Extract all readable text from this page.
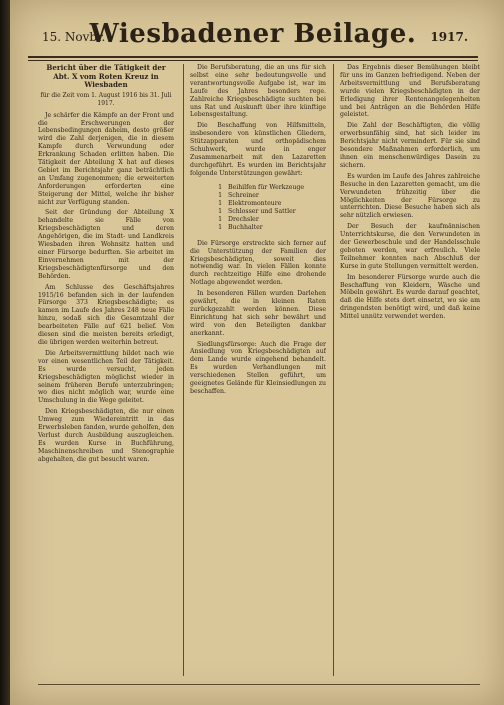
15. Novbr.
Wiesbadener Beilage.	1917.
Bericht über die Tätigkeit der Abt. X vom Roten Kreuz in Wiesbaden
für die Zeit vom 1. August 1916 bis 31. Juli 1917.

Je schärfer die Kämpfe an der Front und die Erschwerungen der Lebensbedingungen daheim, desto größer wird die Zahl derjenigen, die in diesem Kampfe durch Verwundung oder Erkrankung Schaden erlitten haben. Die Tätigkeit der Abteilung X hat auf dieses Gebiet im Berichtsjahr ganz beträchtlich an Umfang zugenommen; die erweiterten Anforderungen erforderten eine Steigerung der Mittel, welche ihr bisher nicht zur Verfügung standen.

Seit der Gründung der Abteilung X behandelte sie Fälle von Kriegsbeschädigten und deren Angehörigen, die im Stadt- und Landkreis Wiesbaden ihren Wohnsitz hatten und einer Fürsorge bedurften. Sie arbeitet im Einvernehmen mit der Kriegsbeschädigtenfürsorge und den Behörden.

Am Schlusse des Geschäftsjahres 1915/16 befanden sich in der laufenden Fürsorge 373 Kriegsbeschädigte; es kamen im Laufe des Jahres 248 neue Fälle hinzu, sodaß sich die Gesamtzahl der bearbeiteten Fälle auf 621 belief. Von diesen sind die meisten bereits erledigt, die übrigen werden weiterhin betreut.

Die Arbeitsvermittlung bildet nach wie vor einen wesentlichen Teil der Tätigkeit. Es wurde versucht, jeden Kriegsbeschädigten möglichst wieder in seinem früheren Berufe unterzubringen; wo dies nicht möglich war, wurde eine Umschulung in die Wege geleitet.

Den Kriegsbeschädigten, die nur einen Umweg zum Wiedereintritt in das Erwerbsleben fanden, wurde geholfen, den Verlust durch Ausbildung auszugleichen. Es wurden Kurse in Buchführung, Maschinenschreiben und Stenographie abgehalten, die gut besucht waren.

Die Berufsberatung, die an uns für sich selbst eine sehr bedeutungsvolle und verantwortungsvolle Aufgabe ist, war im Laufe des Jahres besonders rege. Zahlreiche Kriegsbeschädigte suchten bei uns Rat und Auskunft über ihre künftige Lebensgestaltung.

Die Beschaffung von Hilfsmitteln, insbesondere von künstlichen Gliedern, Stützapparaten und orthopädischem Schuhwerk, wurde in enger Zusammenarbeit mit den Lazaretten durchgeführt. Es wurden im Berichtsjahr folgende Unterstützungen gewährt:

1 Beihilfen für Werkzeuge
1 Schreiner
1 Elektromonteure
1 Schlosser und Sattler
1 Drechsler
1 Buchhalter

Die Fürsorge erstreckte sich ferner auf die Unterstützung der Familien der Kriegsbeschädigten, soweit dies notwendig war. In vielen Fällen konnte durch rechtzeitige Hilfe eine drohende Notlage abgewendet werden.

In besonderen Fällen wurden Darlehen gewährt, die in kleinen Raten zurückgezahlt werden können. Diese Einrichtung hat sich sehr bewährt und wird von den Beteiligten dankbar anerkannt.

Siedlungsfürsorge: Auch die Frage der Ansiedlung von Kriegsbeschädigten auf dem Lande wurde eingehend behandelt. Es wurden Verhandlungen mit verschiedenen Stellen geführt, um geeignetes Gelände für Kleinsiedlungen zu beschaffen.

Das Ergebnis dieser Bemühungen bleibt für uns im Ganzen befriedigend. Neben der Arbeitsvermittlung und Berufsberatung wurde vielen Kriegsbeschädigten in der Erledigung ihrer Rentenangelegenheiten und bei Anträgen an die Behörden Hilfe geleistet.

Die Zahl der Beschäftigten, die völlig erwerbsunfähig sind, hat sich leider im Berichtsjahr nicht vermindert. Für sie sind besondere Maßnahmen erforderlich, um ihnen ein menschenwürdiges Dasein zu sichern.

Es wurden im Laufe des Jahres zahlreiche Besuche in den Lazaretten gemacht, um die Verwundeten frühzeitig über die Möglichkeiten der Fürsorge zu unterrichten. Diese Besuche haben sich als sehr nützlich erwiesen.

Der Besuch der kaufmännischen Unterrichtskurse, die den Verwundeten in der Gewerbeschule und der Handelsschule geboten werden, war erfreulich. Viele Teilnehmer konnten nach Abschluß der Kurse in gute Stellungen vermittelt werden.

Im besonderer Fürsorge wurde auch die Beschaffung von Kleidern, Wäsche und Möbeln gewährt. Es wurde darauf geachtet, daß die Hilfe stets dort einsetzt, wo sie am dringendsten benötigt wird, und daß keine Mittel unnütz verwendet werden.
